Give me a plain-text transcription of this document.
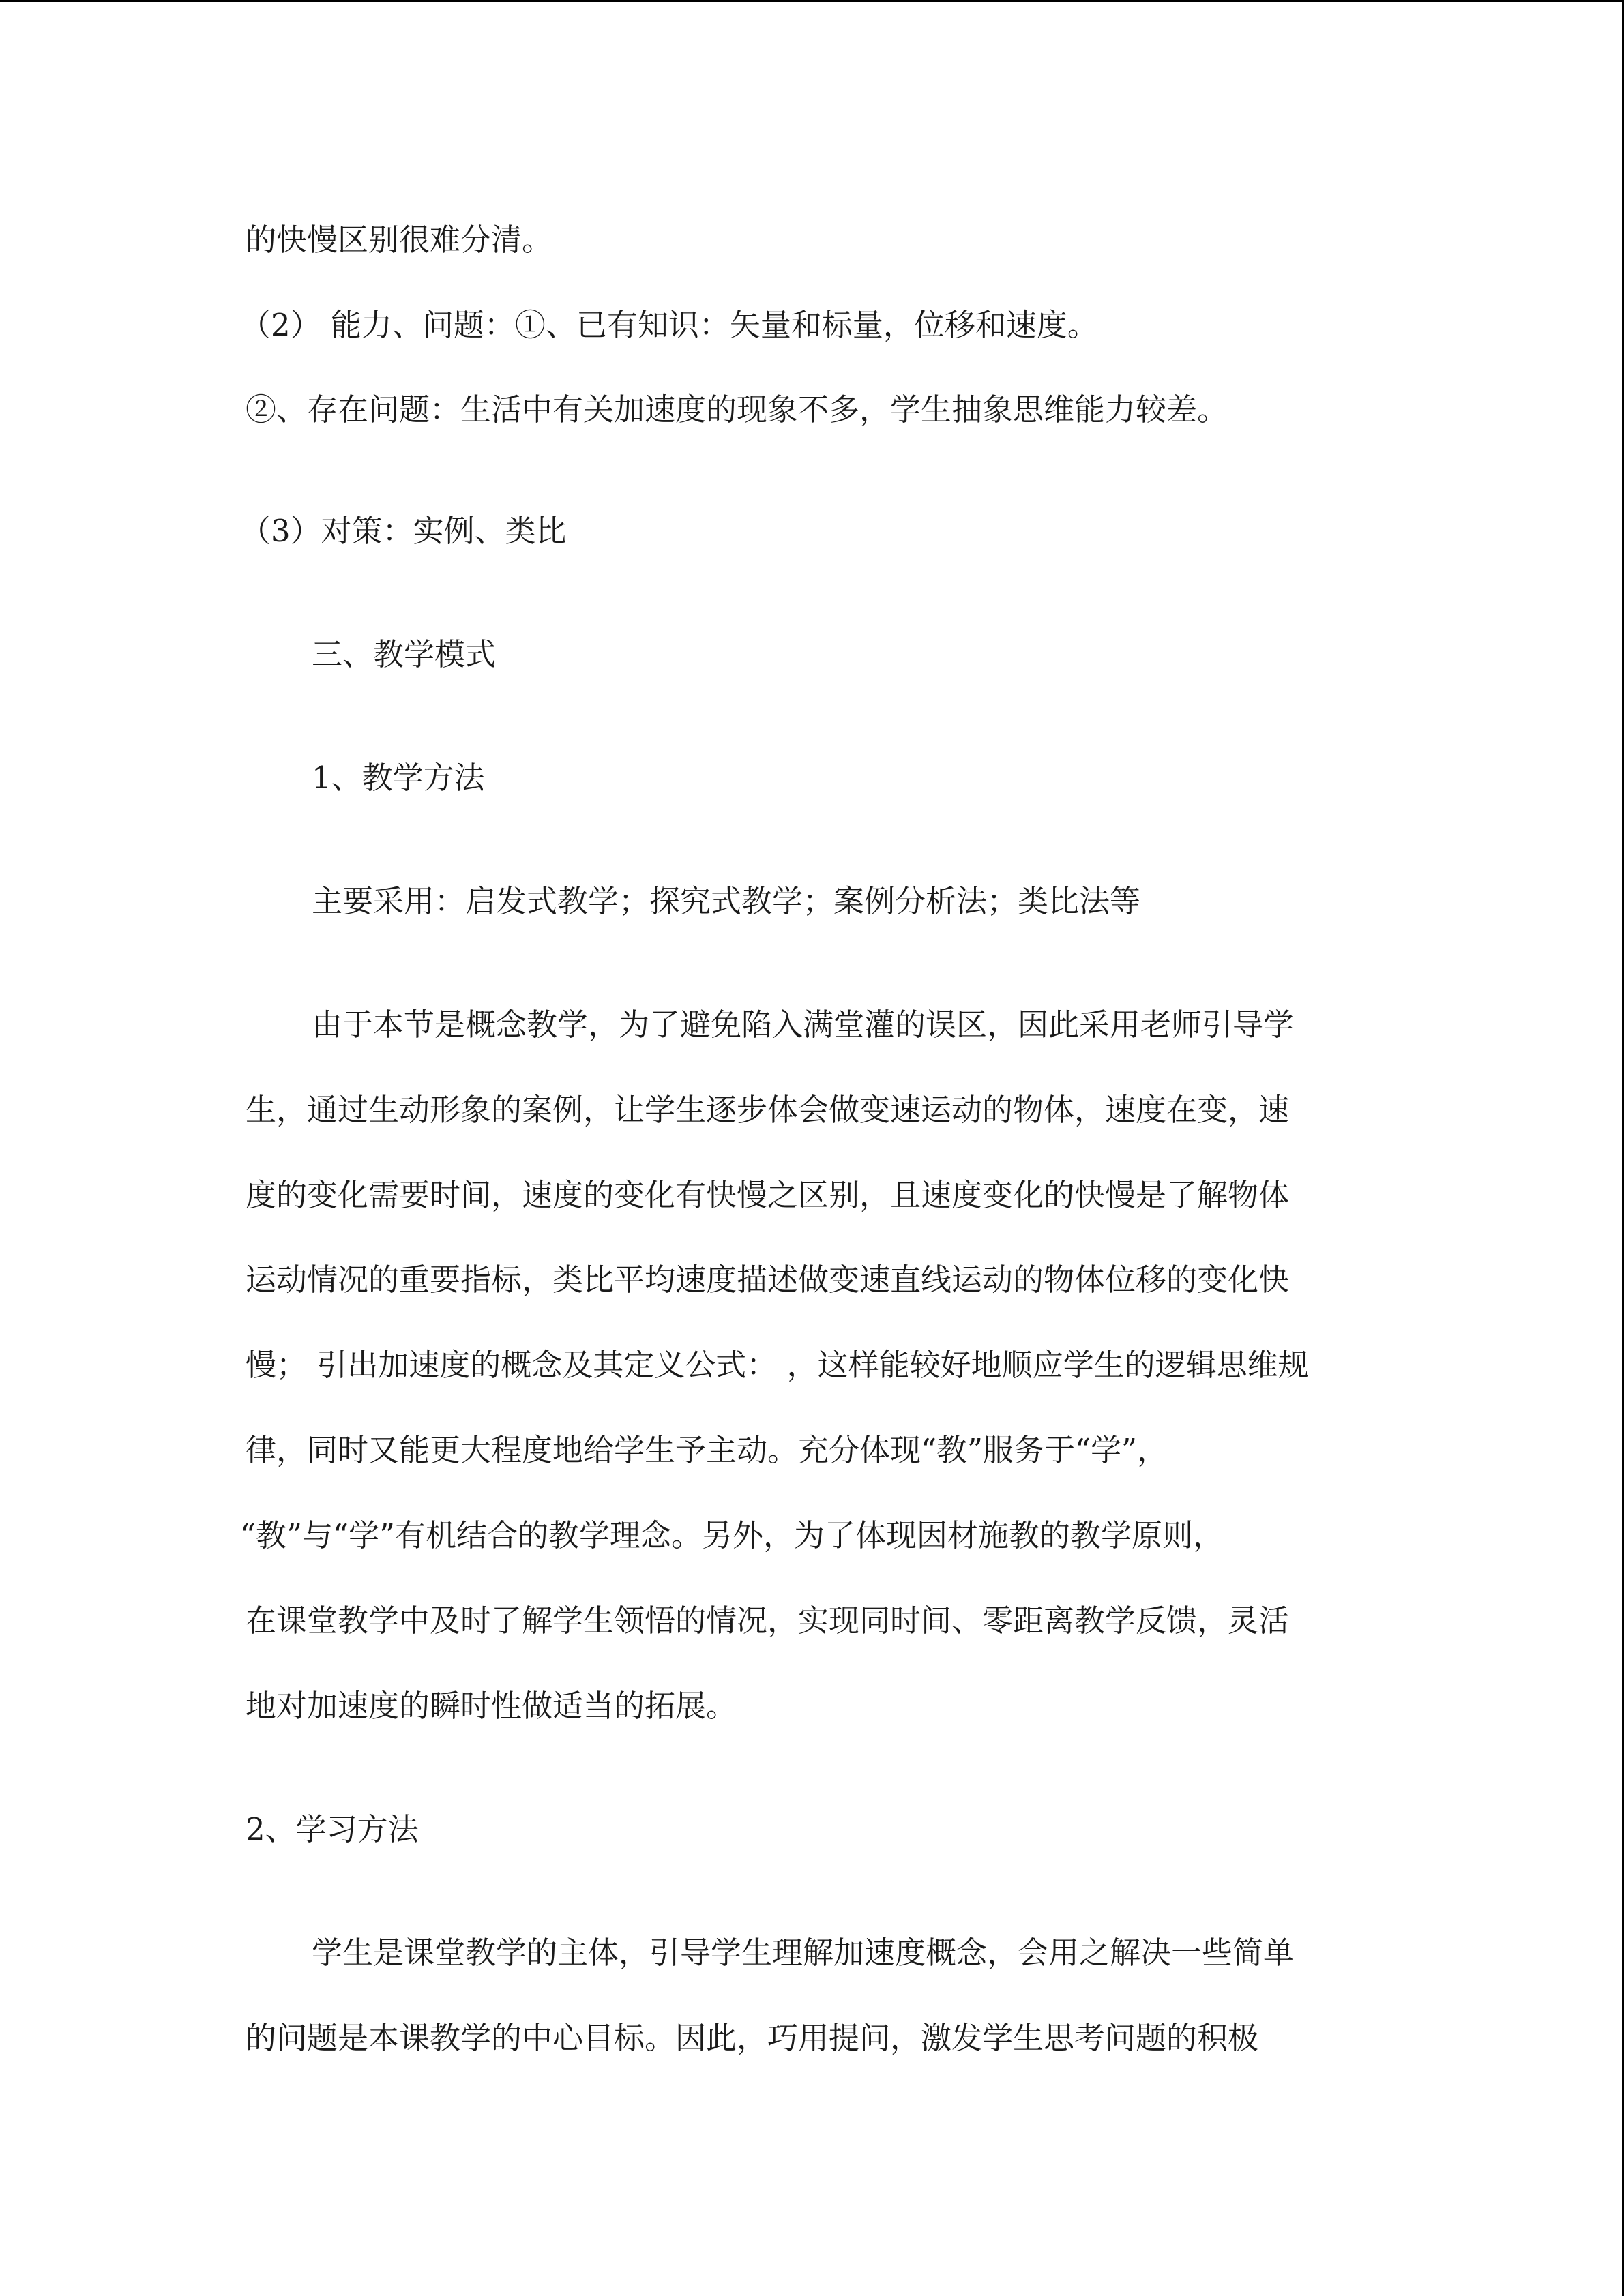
的快慢区别很难分清。
（2） 能力、问题：①、已有知识：矢量和标量，位移和速度。
②、存在问题：生活中有关加速度的现象不多，学生抽象思维能力较差。
（3）对策：实例、类比
三、教学模式
1、教学方法
主要采用：启发式教学；探究式教学；案例分析法；类比法等
由于本节是概念教学，为了避免陷入满堂灌的误区，因此采用老师引导学
生，通过生动形象的案例，让学生逐步体会做变速运动的物体，速度在变，速
度的变化需要时间，速度的变化有快慢之区别，且速度变化的快慢是了解物体
运动情况的重要指标，类比平均速度描述做变速直线运动的物体位移的变化快
慢； 引出加速度的概念及其定义公式： ，这样能较好地顺应学生的逻辑思维规
律，同时又能更大程度地给学生予主动。充分体现“教”服务于“学”，
“教”与“学”有机结合的教学理念。另外，为了体现因材施教的教学原则，
在课堂教学中及时了解学生领悟的情况，实现同时间、零距离教学反馈，灵活
地对加速度的瞬时性做适当的拓展。
2、学习方法
学生是课堂教学的主体，引导学生理解加速度概念，会用之解决一些简单
的问题是本课教学的中心目标。因此，巧用提问，激发学生思考问题的积极
